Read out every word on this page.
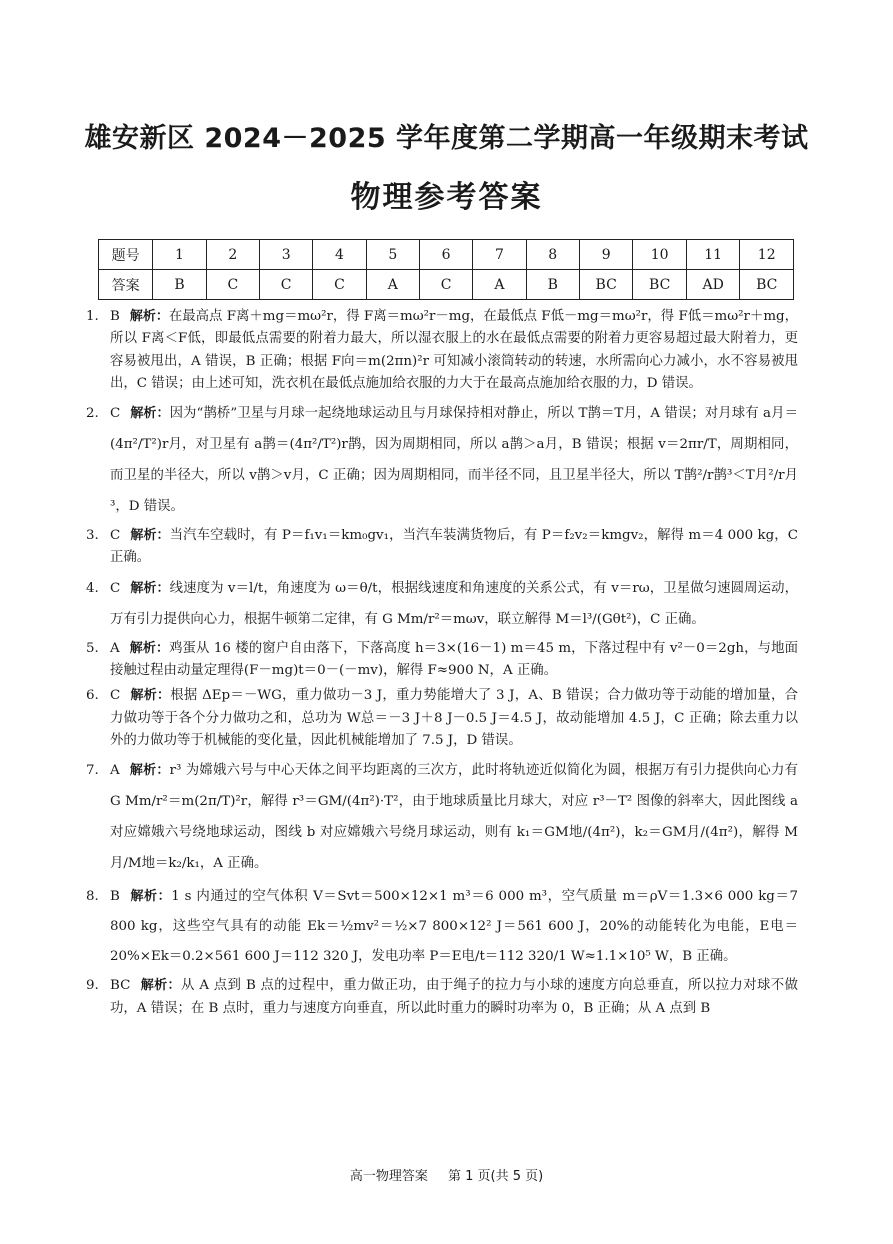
雄安新区 2024－2025 学年度第二学期高一年级期末考试
物理参考答案
题号	1	2	3	4	5	6	7	8	9	10	11	12
答案	B	C	C	C	A	C	A	B	BC	BC	AD	BC
1. B 解析：在最高点 F离＋mg＝mω²r，得 F离＝mω²r－mg，在最低点 F低－mg＝mω²r，得 F低＝mω²r＋mg，所以 F离＜F低，即最低点需要的附着力最大，所以湿衣服上的水在最低点需要的附着力更容易超过最大附着力，更容易被甩出，A 错误，B 正确；根据 F向＝m(2πn)²r 可知减小滚筒转动的转速，水所需向心力减小，水不容易被甩出，C 错误；由上述可知，洗衣机在最低点施加给衣服的力大于在最高点施加给衣服的力，D 错误。
2. C 解析：因为“鹊桥”卫星与月球一起绕地球运动且与月球保持相对静止，所以 T鹊＝T月，A 错误；对月球有 a月＝(4π²/T²)r月，对卫星有 a鹊＝(4π²/T²)r鹊，因为周期相同，所以 a鹊＞a月，B 错误；根据 v＝2πr/T，周期相同，而卫星的半径大，所以 v鹊＞v月，C 正确；因为周期相同，而半径不同，且卫星半径大，所以 T鹊²/r鹊³＜T月²/r月³，D 错误。
3. C 解析：当汽车空载时，有 P＝f₁v₁＝km₀gv₁，当汽车装满货物后，有 P＝f₂v₂＝kmgv₂，解得 m＝4 000 kg，C 正确。
4. C 解析：线速度为 v＝l/t，角速度为 ω＝θ/t，根据线速度和角速度的关系公式，有 v＝rω，卫星做匀速圆周运动，万有引力提供向心力，根据牛顿第二定律，有 G Mm/r²＝mωv，联立解得 M＝l³/(Gθt²)，C 正确。
5. A 解析：鸡蛋从 16 楼的窗户自由落下，下落高度 h＝3×(16－1) m＝45 m，下落过程中有 v²－0＝2gh，与地面接触过程由动量定理得(F－mg)t＝0－(－mv)，解得 F≈900 N，A 正确。
6. C 解析：根据 ΔEp＝－WG，重力做功－3 J，重力势能增大了 3 J，A、B 错误；合力做功等于动能的增加量，合力做功等于各个分力做功之和，总功为 W总＝－3 J＋8 J－0.5 J＝4.5 J，故动能增加 4.5 J，C 正确；除去重力以外的力做功等于机械能的变化量，因此机械能增加了 7.5 J，D 错误。
7. A 解析：r³ 为嫦娥六号与中心天体之间平均距离的三次方，此时将轨迹近似简化为圆，根据万有引力提供向心力有 G Mm/r²＝m(2π/T)²r，解得 r³＝GM/(4π²)·T²，由于地球质量比月球大，对应 r³－T² 图像的斜率大，因此图线 a 对应嫦娥六号绕地球运动，图线 b 对应嫦娥六号绕月球运动，则有 k₁＝GM地/(4π²)，k₂＝GM月/(4π²)，解得 M月/M地＝k₂/k₁，A 正确。
8. B 解析：1 s 内通过的空气体积 V＝Svt＝500×12×1 m³＝6 000 m³，空气质量 m＝ρV＝1.3×6 000 kg＝7 800 kg，这些空气具有的动能 Ek＝½mv²＝½×7 800×12² J＝561 600 J，20%的动能转化为电能，E电＝20%×Ek＝0.2×561 600 J＝112 320 J，发电功率 P＝E电/t＝112 320/1 W≈1.1×10⁵ W，B 正确。
9. BC 解析：从 A 点到 B 点的过程中，重力做正功，由于绳子的拉力与小球的速度方向总垂直，所以拉力对球不做功，A 错误；在 B 点时，重力与速度方向垂直，所以此时重力的瞬时功率为 0，B 正确；从 A 点到 B
高一物理答案 第 1 页(共 5 页)
